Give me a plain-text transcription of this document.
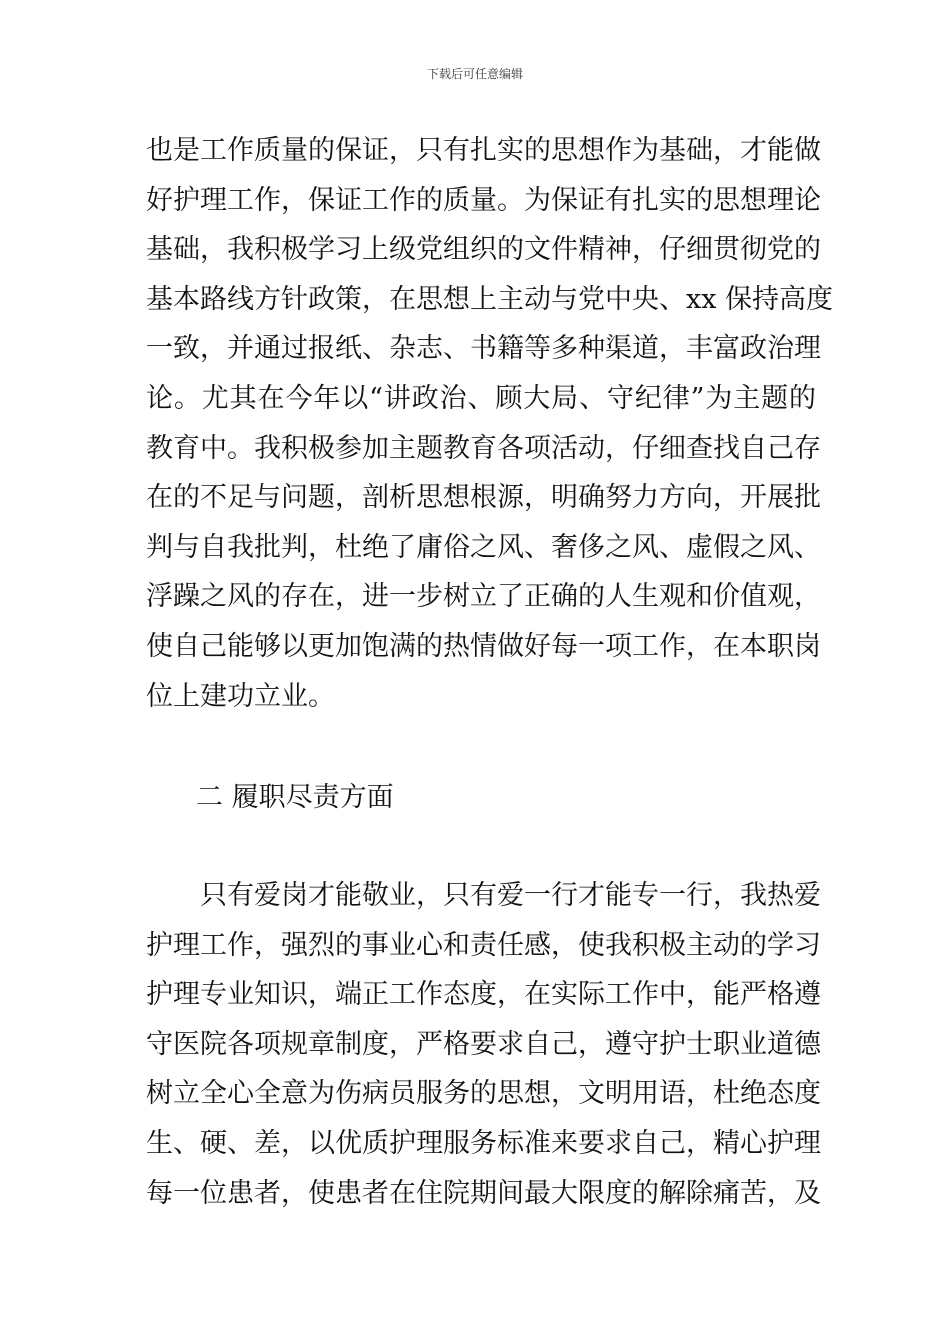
下载后可任意编辑
也是工作质量的保证，只有扎实的思想作为基础，才能做
好护理工作，保证工作的质量。为保证有扎实的思想理论
基础，我积极学习上级党组织的文件精神，仔细贯彻党的
基本路线方针政策，在思想上主动与党中央、xx 保持高度
一致，并通过报纸、杂志、书籍等多种渠道，丰富政治理
论。尤其在今年以“讲政治、顾大局、守纪律”为主题的
教育中。我积极参加主题教育各项活动，仔细查找自己存
在的不足与问题，剖析思想根源，明确努力方向，开展批
判与自我批判，杜绝了庸俗之风、奢侈之风、虚假之风、
浮躁之风的存在，进一步树立了正确的人生观和价值观，
使自己能够以更加饱满的热情做好每一项工作，在本职岗
位上建功立业。
二 履职尽责方面
只有爱岗才能敬业，只有爱一行才能专一行，我热爱
护理工作，强烈的事业心和责任感，使我积极主动的学习
护理专业知识，端正工作态度，在实际工作中，能严格遵
守医院各项规章制度，严格要求自己，遵守护士职业道德
树立全心全意为伤病员服务的思想，文明用语，杜绝态度
生、硬、差，以优质护理服务标准来要求自己，精心护理
每一位患者，使患者在住院期间最大限度的解除痛苦，及
